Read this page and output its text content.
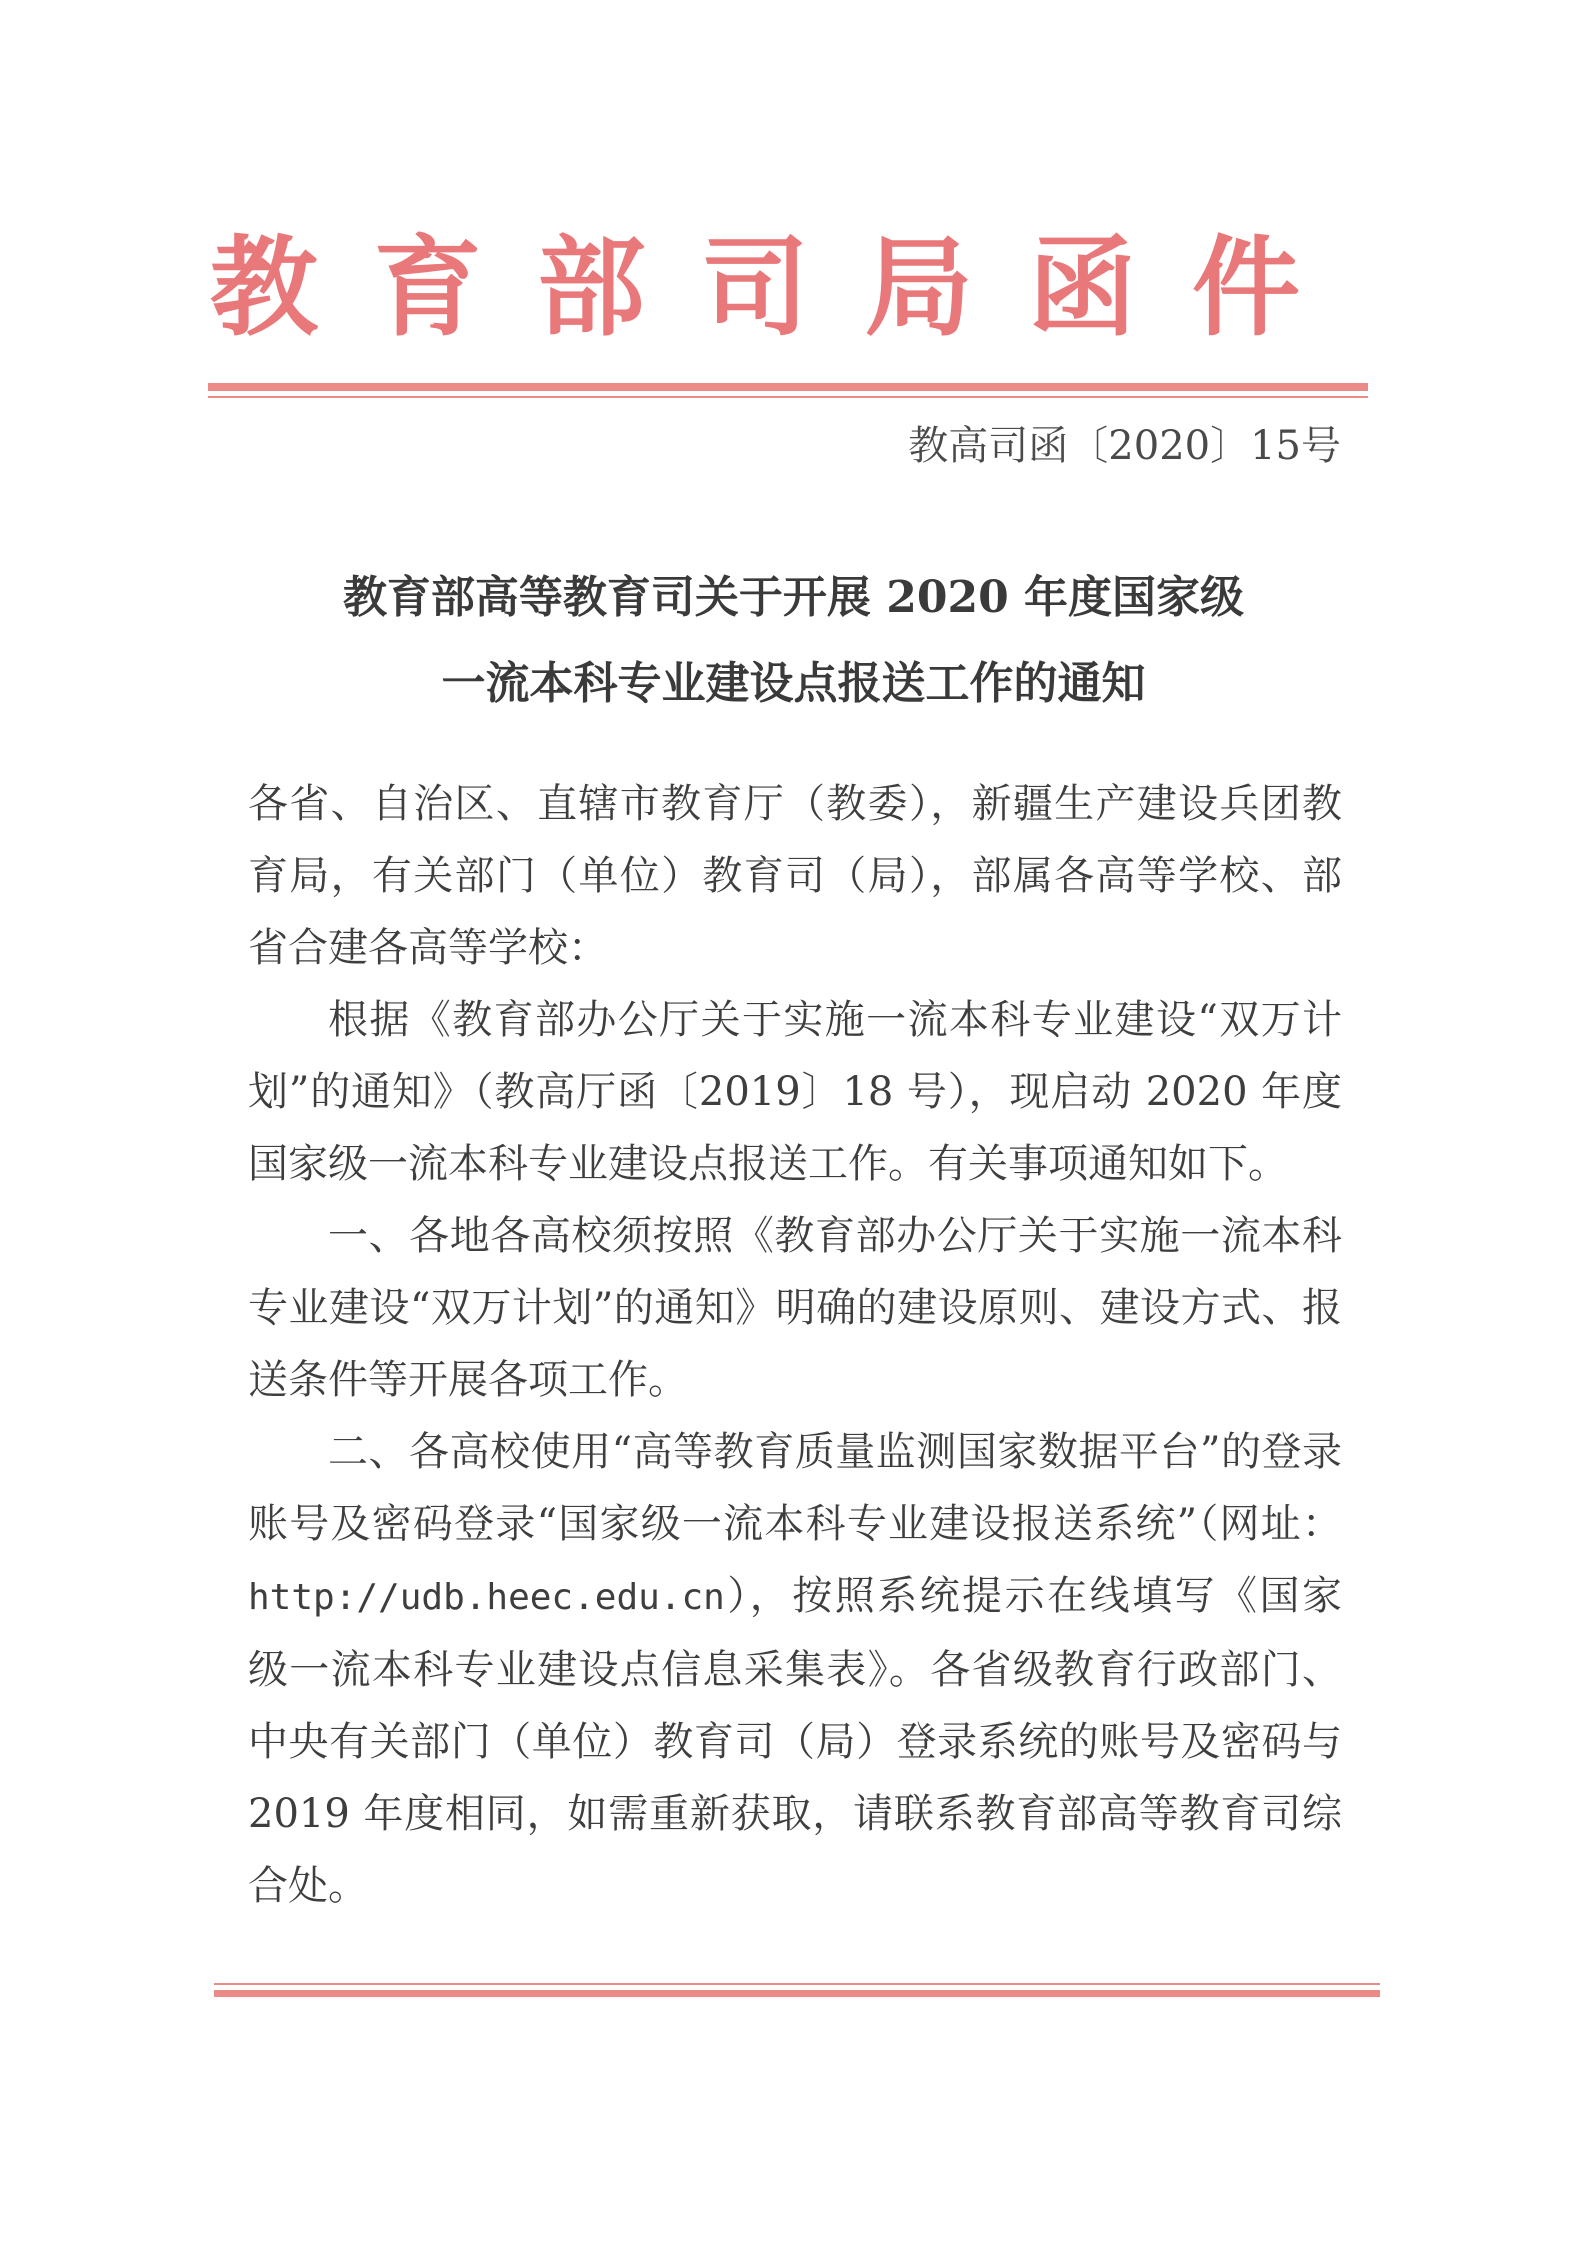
教 育 部 司 局 函 件
教高司函〔2020〕15号
教育部高等教育司关于开展 2020 年度国家级
一流本科专业建设点报送工作的通知

各省、自治区、直辖市教育厅（教委），新疆生产建设兵团教育局，有关部门（单位）教育司（局），部属各高等学校、部省合建各高等学校：

根据《教育部办公厅关于实施一流本科专业建设“双万计划”的通知》（教高厅函〔2019〕18 号），现启动 2020 年度国家级一流本科专业建设点报送工作。有关事项通知如下。

一、各地各高校须按照《教育部办公厅关于实施一流本科专业建设“双万计划”的通知》明确的建设原则、建设方式、报送条件等开展各项工作。

二、各高校使用“高等教育质量监测国家数据平台”的登录账号及密码登录“国家级一流本科专业建设报送系统”（网址：http://udb.heec.edu.cn），按照系统提示在线填写《国家级一流本科专业建设点信息采集表》。各省级教育行政部门、中央有关部门（单位）教育司（局）登录系统的账号及密码与 2019 年度相同，如需重新获取，请联系教育部高等教育司综合处。
